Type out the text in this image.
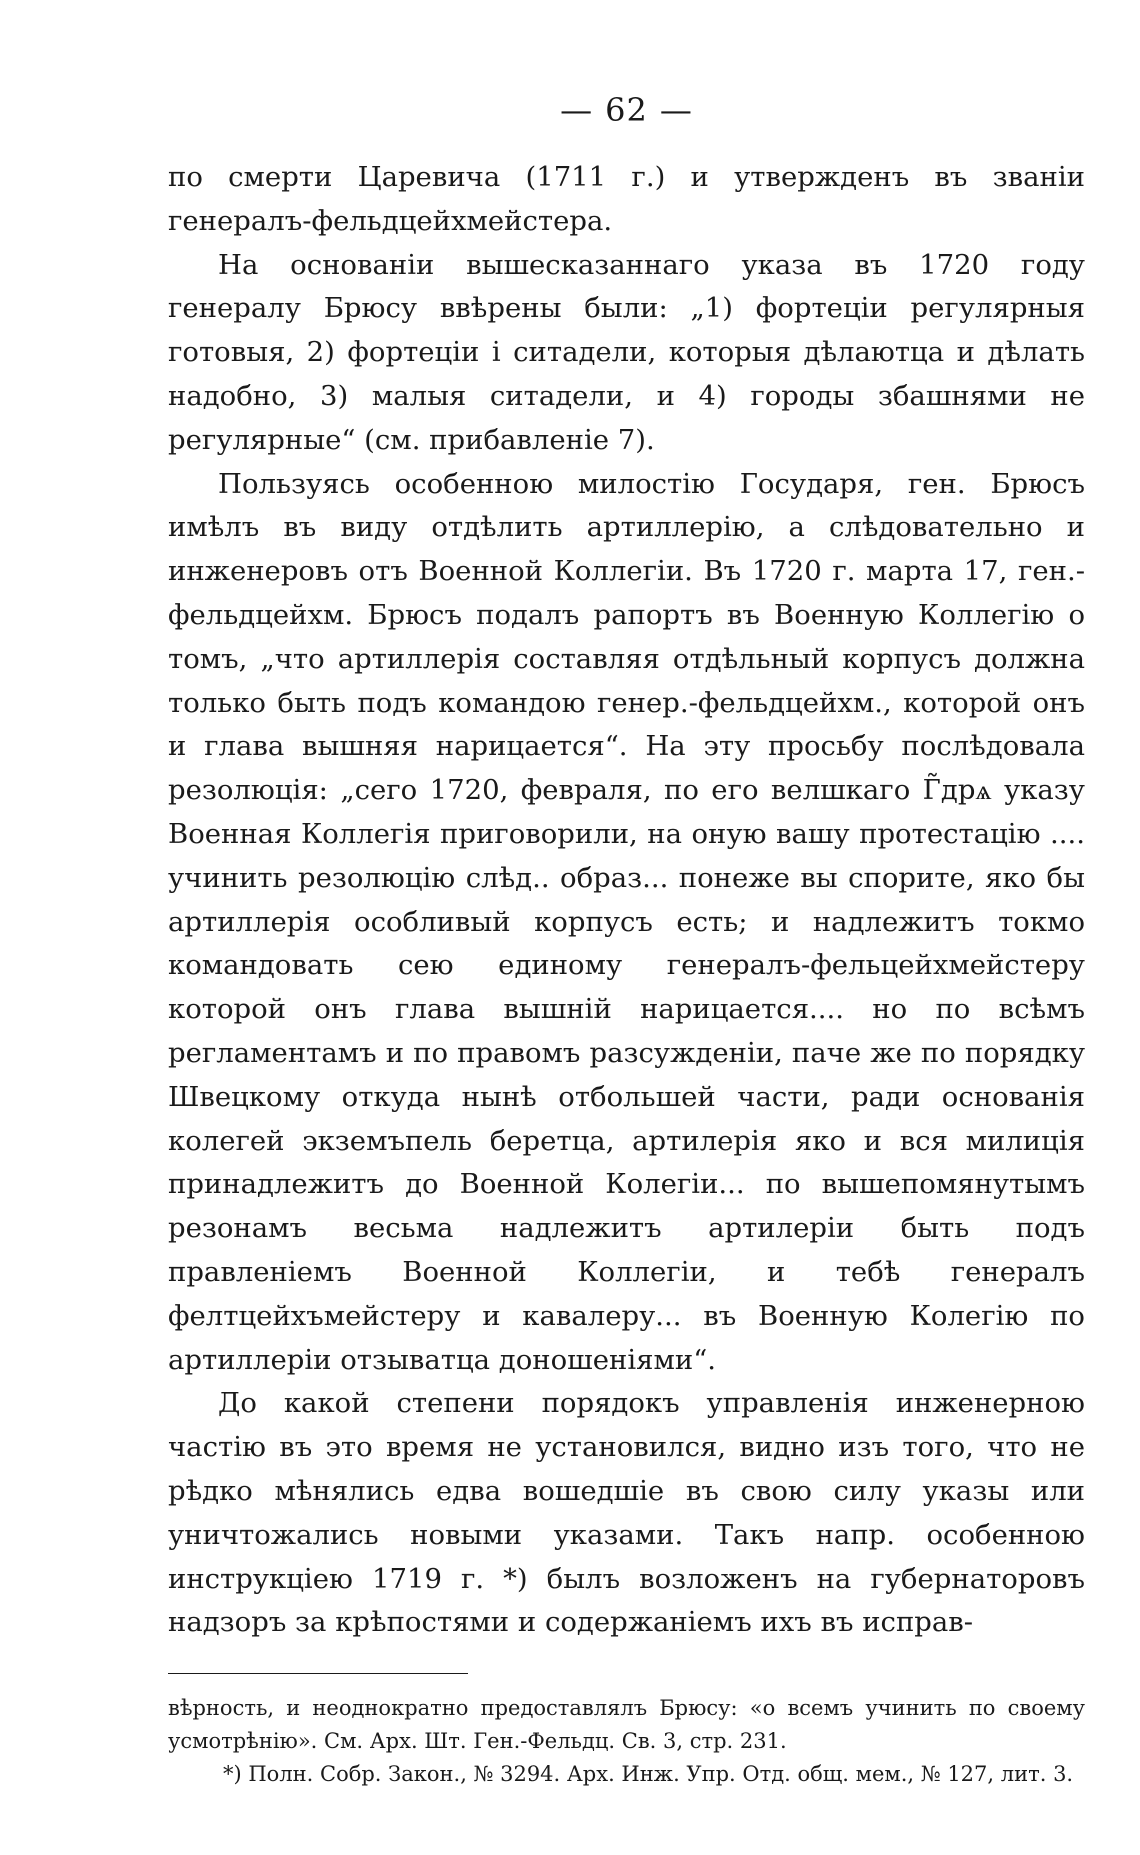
— 62 —

по смерти Царевича (1711 г.) и утвержденъ въ званіи генералъ-фельдцейхмейстера.

На основаніи вышесказаннаго указа въ 1720 году генералу Брюсу ввѣрены были: „1) фортеціи регулярныя готовыя, 2) фортеціи і ситадели, которыя дѣлаютца и дѣлать надобно, 3) малыя ситадели, и 4) городы збашнями не регулярные“ (см. прибавленіе 7).

Пользуясь особенною милостію Государя, ген. Брюсъ имѣлъ въ виду отдѣлить артиллерію, а слѣдовательно и инженеровъ отъ Военной Коллегіи. Въ 1720 г. марта 17, ген.-фельдцейхм. Брюсъ подалъ рапортъ въ Военную Коллегію о томъ, „что артиллерія составляя отдѣльный корпусъ должна только быть подъ командою генер.-фельдцейхм., которой онъ и глава вышняя нарицается“. На эту просьбу послѣдовала резолюція: „сего 1720, февраля, по его велшкаго Г̃дрѧ указу Военная Коллегія приговорили, на оную вашу протестацію .... учинить резолюцію слѣд.. образ... понеже вы спорите, яко бы артиллерія особливый корпусъ есть; и надлежитъ токмо командовать сею единому генералъ-фельцейхмейстеру которой онъ глава вышній нарицается.... но по всѣмъ регламентамъ и по правомъ разсужденіи, паче же по порядку Швецкому откуда нынѣ отбольшей части, ради основанія колегей экземъпель беретца, артилерія яко и вся милиція принадлежитъ до Военной Колегіи... по вышепомянутымъ резонамъ весьма надлежитъ артилеріи быть подъ правленіемъ Военной Коллегіи, и тебѣ генералъ фелтцейхъмейстеру и кавалеру... въ Военную Колегію по артиллеріи отзыватца доношеніями“.

До какой степени порядокъ управленія инженерною частію въ это время не установился, видно изъ того, что не рѣдко мѣнялись едва вошедшіе въ свою силу указы или уничтожались новыми указами. Такъ напр. особенною инструкціею 1719 г. *) былъ возложенъ на губернаторовъ надзоръ за крѣпостями и содержаніемъ ихъ въ исправ-

вѣрность, и неоднократно предоставлялъ Брюсу: «о всемъ учинить по своему усмотрѣнію». См. Арх. Шт. Ген.-Фельдц. Св. 3, стр. 231.

*) Полн. Собр. Закон., № 3294. Арх. Инж. Упр. Отд. общ. мем., № 127, лит. 3.
